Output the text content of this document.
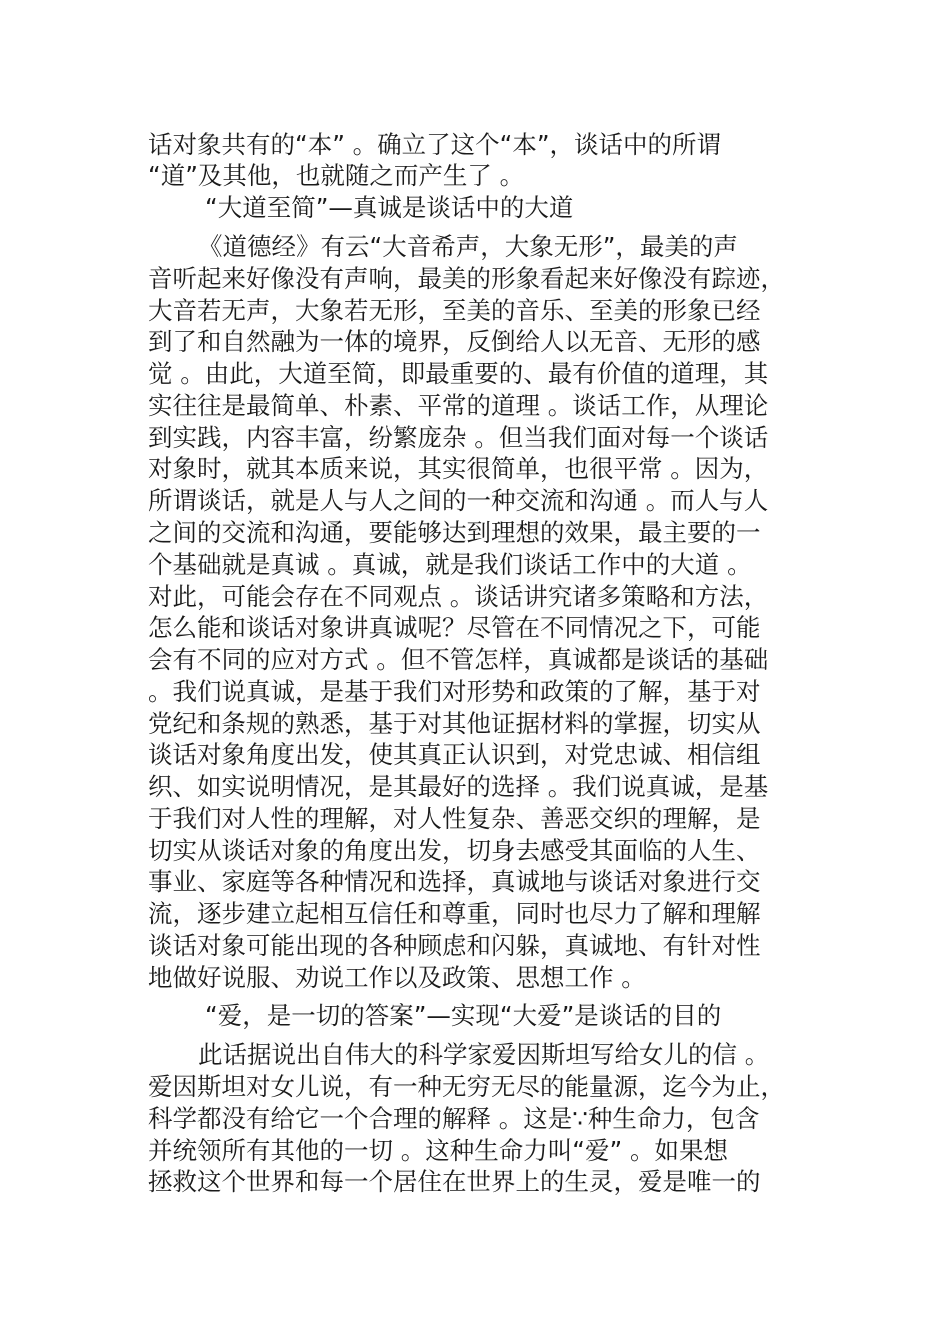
话对象共有的“本” 。确立了这个“本”，谈话中的所谓
“道”及其他，也就随之而产生了 。
“大道至简”—真诚是谈话中的大道
《道德经》有云“大音希声，大象无形”，最美的声
音听起来好像没有声响，最美的形象看起来好像没有踪迹，
大音若无声，大象若无形，至美的音乐、至美的形象已经
到了和自然融为一体的境界，反倒给人以无音、无形的感
觉 。由此，大道至简，即最重要的、最有价值的道理，其
实往往是最简单、朴素、平常的道理 。谈话工作，从理论
到实践，内容丰富，纷繁庞杂 。但当我们面对每一个谈话
对象时，就其本质来说，其实很简单，也很平常 。因为，
所谓谈话，就是人与人之间的一种交流和沟通 。而人与人
之间的交流和沟通，要能够达到理想的效果，最主要的一
个基础就是真诚 。真诚，就是我们谈话工作中的大道 。
对此，可能会存在不同观点 。谈话讲究诸多策略和方法，
怎么能和谈话对象讲真诚呢？尽管在不同情况之下，可能
会有不同的应对方式 。但不管怎样，真诚都是谈话的基础
。我们说真诚，是基于我们对形势和政策的了解，基于对
党纪和条规的熟悉，基于对其他证据材料的掌握，切实从
谈话对象角度出发，使其真正认识到，对党忠诚、相信组
织、如实说明情况，是其最好的选择 。我们说真诚，是基
于我们对人性的理解，对人性复杂、善恶交织的理解，是
切实从谈话对象的角度出发，切身去感受其面临的人生、
事业、家庭等各种情况和选择，真诚地与谈话对象进行交
流，逐步建立起相互信任和尊重，同时也尽力了解和理解
谈话对象可能出现的各种顾虑和闪躲，真诚地、有针对性
地做好说服、劝说工作以及政策、思想工作 。
“爱，是一切的答案”—实现“大爱”是谈话的目的
此话据说出自伟大的科学家爱因斯坦写给女儿的信 。
爱因斯坦对女儿说，有一种无穷无尽的能量源，迄今为止，
科学都没有给它一个合理的解释 。这是∵种生命力，包含
并统领所有其他的一切 。这种生命力叫“爱” 。如果想
拯救这个世界和每一个居住在世界上的生灵，爱是唯一的
